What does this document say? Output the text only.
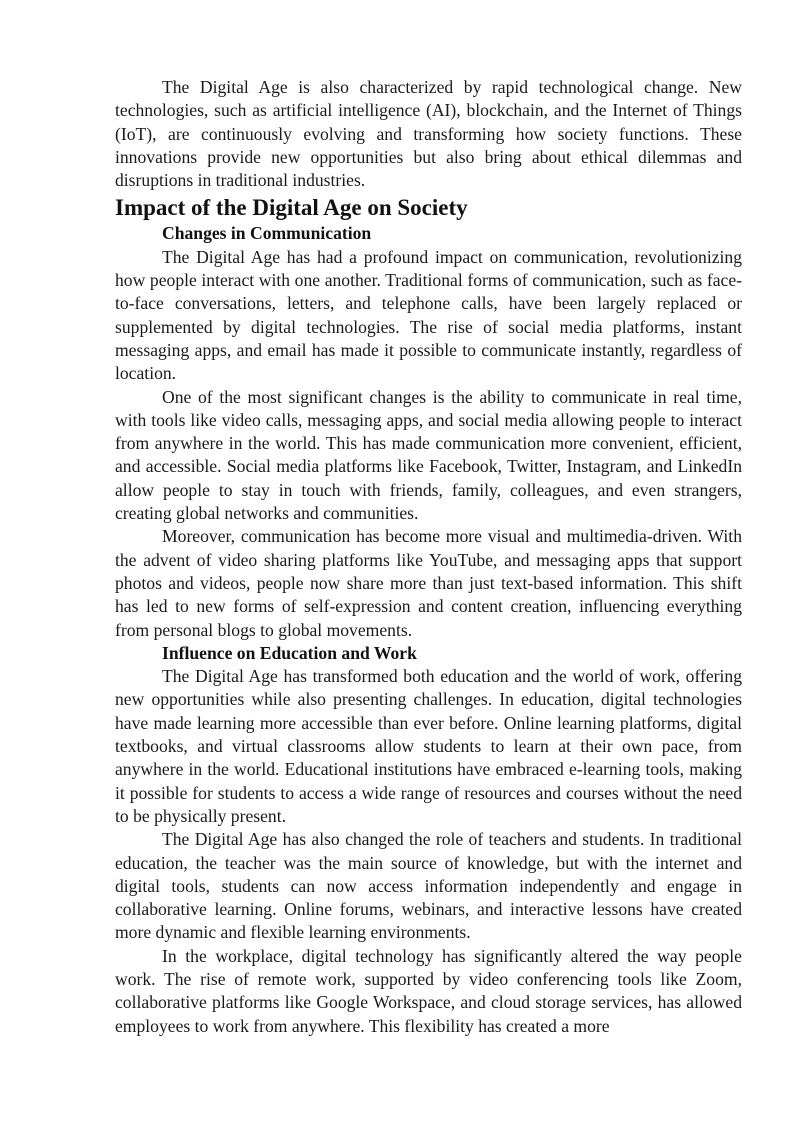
The Digital Age is also characterized by rapid technological change. New technologies, such as artificial intelligence (AI), blockchain, and the Internet of Things (IoT), are continuously evolving and transforming how society functions. These innovations provide new opportunities but also bring about ethical dilemmas and disruptions in traditional industries.

Impact of the Digital Age on Society
Changes in Communication

The Digital Age has had a profound impact on communication, revolutionizing how people interact with one another. Traditional forms of communication, such as face-to-face conversations, letters, and telephone calls, have been largely replaced or supplemented by digital technologies. The rise of social media platforms, instant messaging apps, and email has made it possible to communicate instantly, regardless of location.

One of the most significant changes is the ability to communicate in real time, with tools like video calls, messaging apps, and social media allowing people to interact from anywhere in the world. This has made communication more convenient, efficient, and accessible. Social media platforms like Facebook, Twitter, Instagram, and LinkedIn allow people to stay in touch with friends, family, colleagues, and even strangers, creating global networks and communities.

Moreover, communication has become more visual and multimedia-driven. With the advent of video sharing platforms like YouTube, and messaging apps that support photos and videos, people now share more than just text-based information. This shift has led to new forms of self-expression and content creation, influencing everything from personal blogs to global movements.

Influence on Education and Work

The Digital Age has transformed both education and the world of work, offering new opportunities while also presenting challenges. In education, digital technologies have made learning more accessible than ever before. Online learning platforms, digital textbooks, and virtual classrooms allow students to learn at their own pace, from anywhere in the world. Educational institutions have embraced e-learning tools, making it possible for students to access a wide range of resources and courses without the need to be physically present.

The Digital Age has also changed the role of teachers and students. In traditional education, the teacher was the main source of knowledge, but with the internet and digital tools, students can now access information independently and engage in collaborative learning. Online forums, webinars, and interactive lessons have created more dynamic and flexible learning environments.

In the workplace, digital technology has significantly altered the way people work. The rise of remote work, supported by video conferencing tools like Zoom, collaborative platforms like Google Workspace, and cloud storage services, has allowed employees to work from anywhere. This flexibility has created a more
